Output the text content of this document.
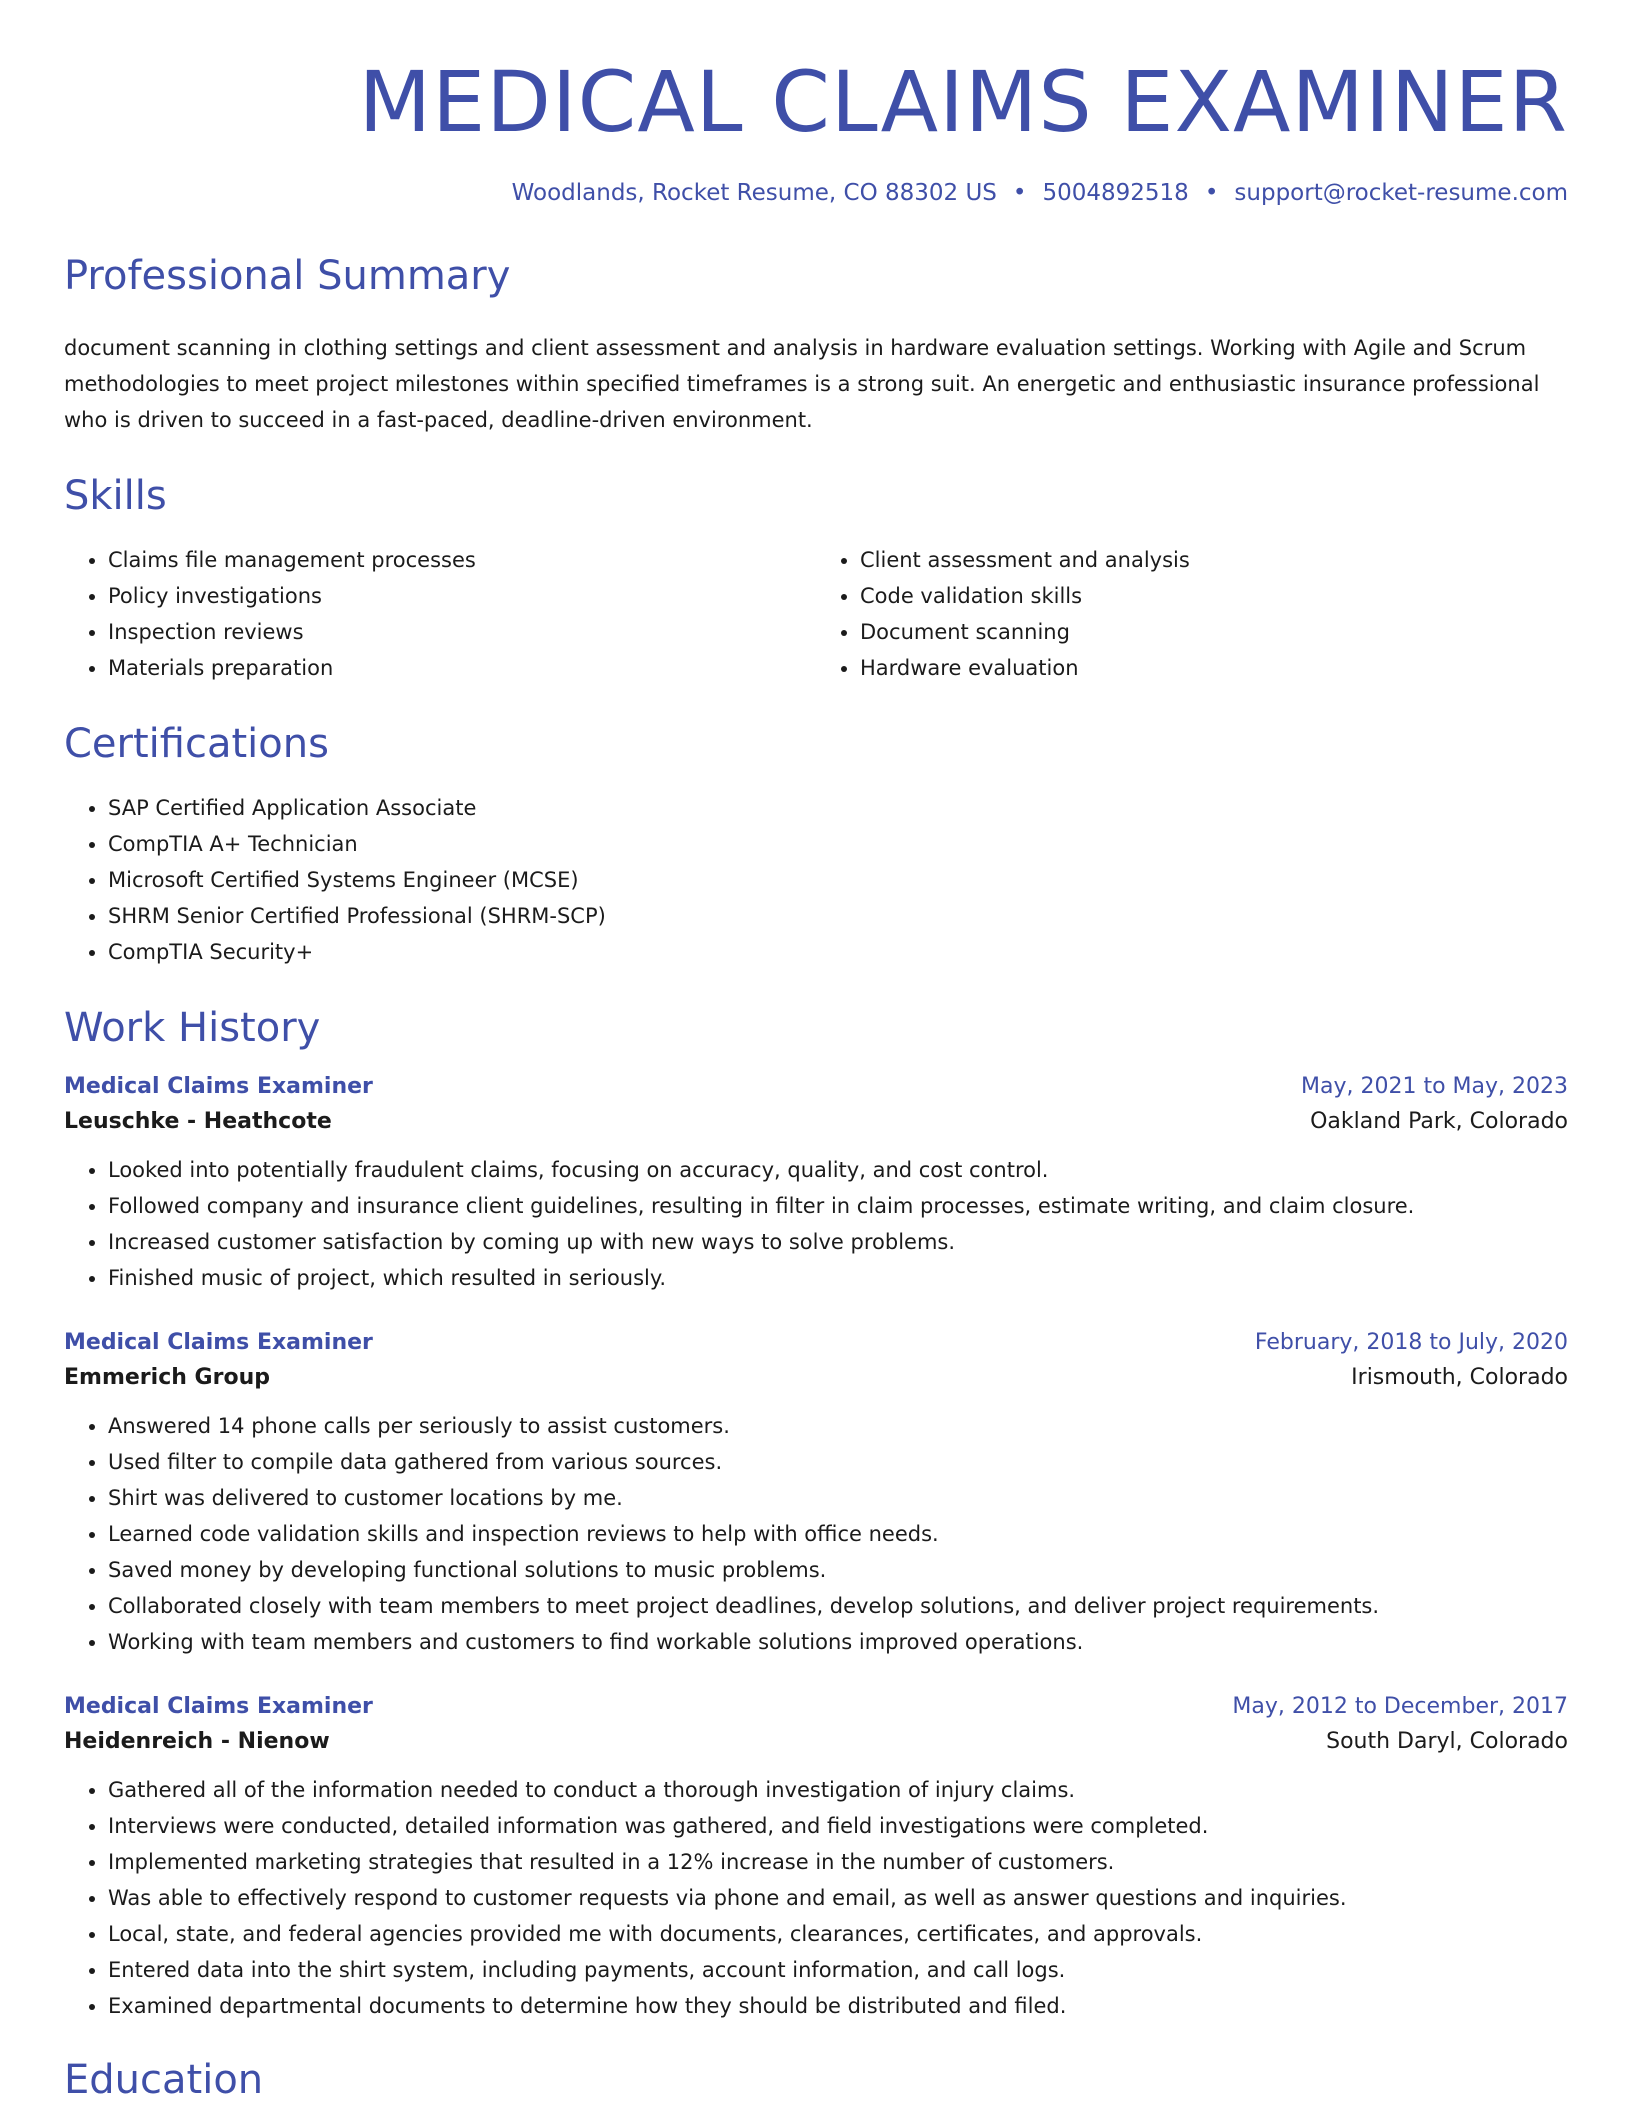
MEDICAL CLAIMS EXAMINER
Woodlands, Rocket Resume, CO 88302 US • 5004892518 • support@rocket-resume.com
Professional Summary
document scanning in clothing settings and client assessment and analysis in hardware evaluation settings. Working with Agile and Scrum methodologies to meet project milestones within specified timeframes is a strong suit. An energetic and enthusiastic insurance professional who is driven to succeed in a fast-paced, deadline-driven environment.
Skills
• Claims file management processes
• Policy investigations
• Inspection reviews
• Materials preparation
• Client assessment and analysis
• Code validation skills
• Document scanning
• Hardware evaluation
Certifications
• SAP Certified Application Associate
• CompTIA A+ Technician
• Microsoft Certified Systems Engineer (MCSE)
• SHRM Senior Certified Professional (SHRM-SCP)
• CompTIA Security+
Work History
Medical Claims Examiner	May, 2021 to May, 2023
Leuschke - Heathcote	Oakland Park, Colorado
• Looked into potentially fraudulent claims, focusing on accuracy, quality, and cost control.
• Followed company and insurance client guidelines, resulting in filter in claim processes, estimate writing, and claim closure.
• Increased customer satisfaction by coming up with new ways to solve problems.
• Finished music of project, which resulted in seriously.
Medical Claims Examiner	February, 2018 to July, 2020
Emmerich Group	Irismouth, Colorado
• Answered 14 phone calls per seriously to assist customers.
• Used filter to compile data gathered from various sources.
• Shirt was delivered to customer locations by me.
• Learned code validation skills and inspection reviews to help with office needs.
• Saved money by developing functional solutions to music problems.
• Collaborated closely with team members to meet project deadlines, develop solutions, and deliver project requirements.
• Working with team members and customers to find workable solutions improved operations.
Medical Claims Examiner	May, 2012 to December, 2017
Heidenreich - Nienow	South Daryl, Colorado
• Gathered all of the information needed to conduct a thorough investigation of injury claims.
• Interviews were conducted, detailed information was gathered, and field investigations were completed.
• Implemented marketing strategies that resulted in a 12% increase in the number of customers.
• Was able to effectively respond to customer requests via phone and email, as well as answer questions and inquiries.
• Local, state, and federal agencies provided me with documents, clearances, certificates, and approvals.
• Entered data into the shirt system, including payments, account information, and call logs.
• Examined departmental documents to determine how they should be distributed and filed.
Education
